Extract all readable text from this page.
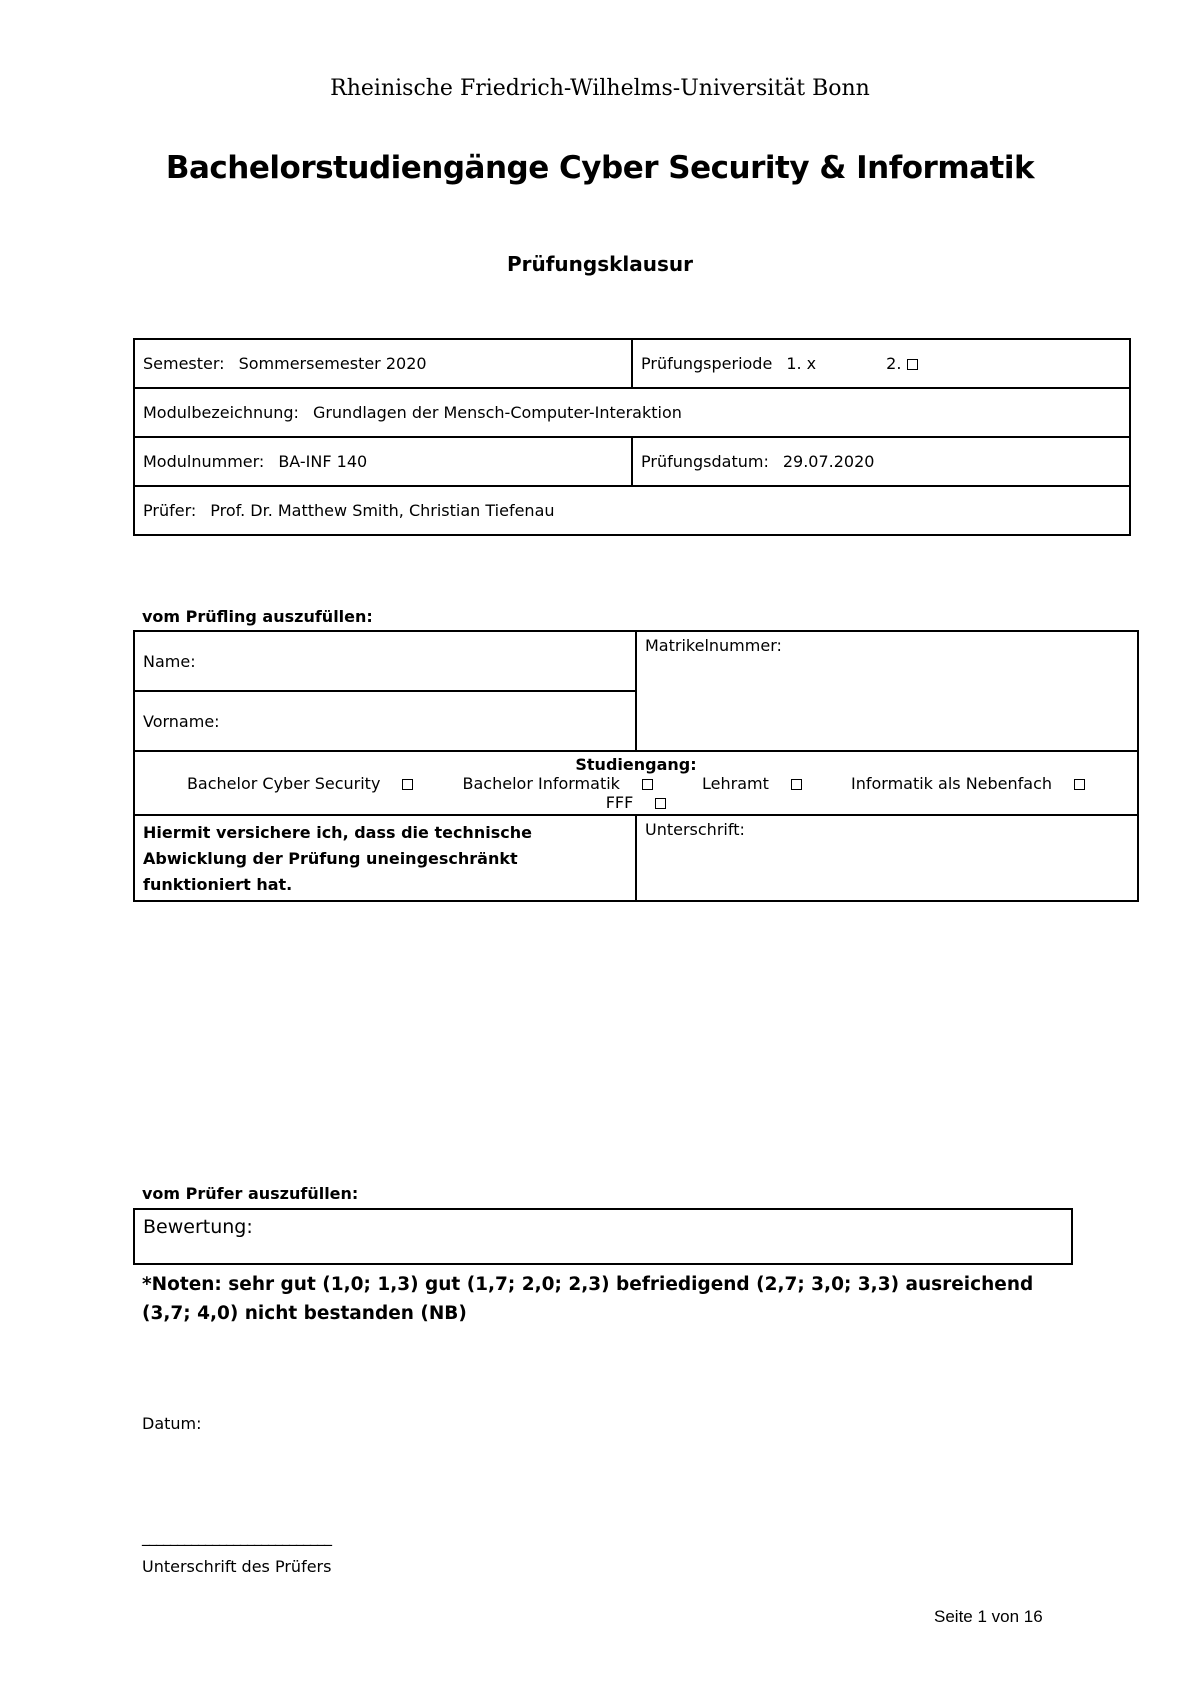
Rheinische Friedrich-Wilhelms-Universität Bonn
Bachelorstudiengänge Cyber Security & Informatik
Prüfungsklausur
Semester: Sommersemester 2020	Prüfungsperiode 1. x 2.
Modulbezeichnung: Grundlagen der Mensch-Computer-Interaktion	
Modulnummer: BA-INF 140	Prüfungsdatum: 29.07.2020
Prüfer: Prof. Dr. Matthew Smith, Christian Tiefenau	
vom Prüfling auszufüllen:
Name:	Matrikelnummer:
Vorname:	

Studiengang:
Bachelor Cyber Security Bachelor Informatik Lehramt Informatik als Nebenfach FFF	

Hiermit versichere ich, dass die technische
Abwicklung der Prüfung uneingeschränkt
funktioniert hat.	Unterschrift:
vom Prüfer auszufüllen:
Bewertung:
*Noten: sehr gut (1,0; 1,3) gut (1,7; 2,0; 2,3) befriedigend (2,7; 3,0; 3,3) ausreichend (3,7; 4,0) nicht bestanden (NB)
Datum:
___________________________
Unterschrift des Prüfers
Seite 1 von 16
